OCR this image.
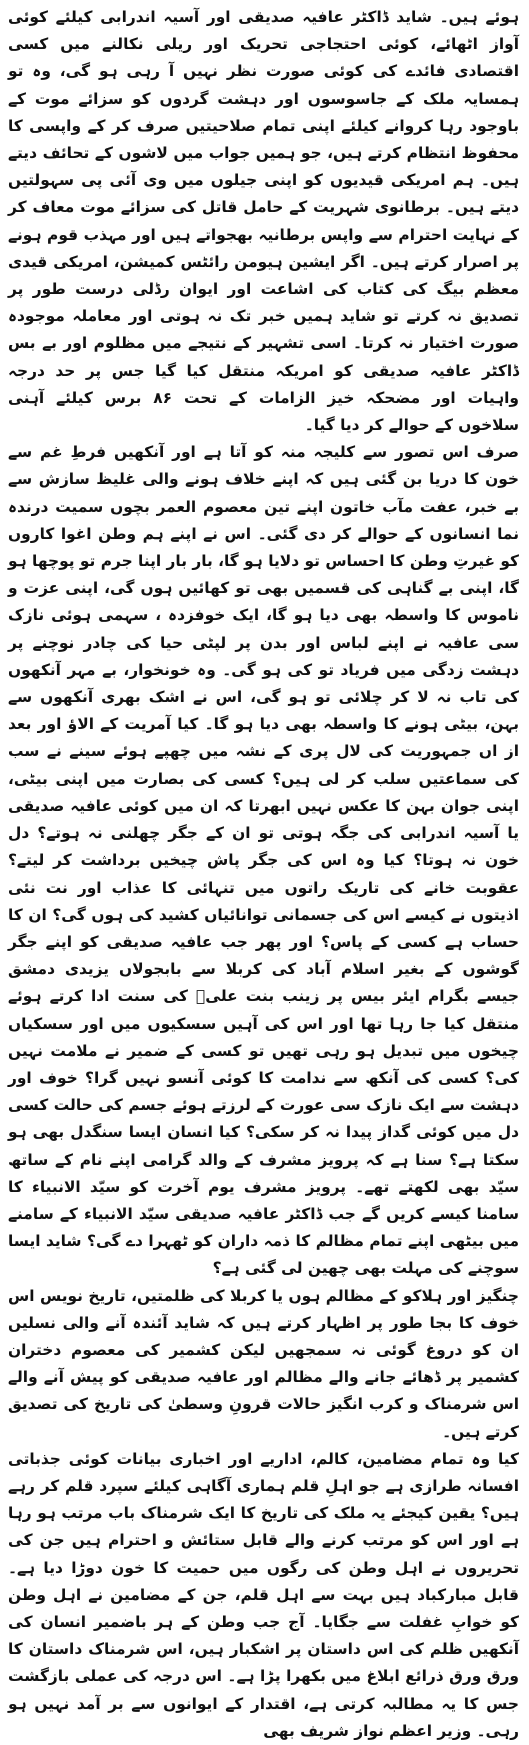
ہوئے ہیں۔ شاید ڈاکٹر عافیہ صدیقی اور آسیہ اندرابی کیلئے کوئی آواز اٹھائے، کوئی احتجاجی تحریک اور ریلی نکالنے میں کسی اقتصادی فائدے کی کوئی صورت نظر نہیں آ رہی ہو گی، وہ تو ہمسایہ ملک کے جاسوسوں اور دہشت گردوں کو سزائے موت کے باوجود رہا کروانے کیلئے اپنی تمام صلاحیتیں صرف کر کے واپسی کا محفوظ انتظام کرتے ہیں، جو ہمیں جواب میں لاشوں کے تحائف دیتے ہیں۔ ہم امریکی قیدیوں کو اپنی جیلوں میں وی آئی پی سہولتیں دیتے ہیں۔ برطانوی شہریت کے حامل قاتل کی سزائے موت معاف کر کے نہایت احترام سے واپس برطانیہ بھجواتے ہیں اور مہذب قوم ہونے پر اصرار کرتے ہیں۔ اگر ایشین ہیومن رائٹس کمیشن، امریکی قیدی معظم بیگ کی کتاب کی اشاعت اور ایوان رڈلی درست طور پر تصدیق نہ کرتے تو شاید ہمیں خبر تک نہ ہوتی اور معاملہ موجودہ صورت اختیار نہ کرتا۔ اسی تشہیر کے نتیجے میں مظلوم اور بے بس ڈاکٹر عافیہ صدیقی کو امریکہ منتقل کیا گیا جس پر حد درجہ واہیات اور مضحکہ خیز الزامات کے تحت ۸۶ برس کیلئے آہنی سلاخوں کے حوالے کر دیا گیا۔

صرف اس تصور سے کلیجہ منہ کو آتا ہے اور آنکھیں فرطِ غم سے خون کا دریا بن گئی ہیں کہ اپنے خلاف ہونے والی غلیظ سازش سے بے خبر، عفت مآب خاتون اپنے تین معصوم العمر بچوں سمیت درندہ نما انسانوں کے حوالے کر دی گئی۔ اس نے اپنے ہم وطن اغوا کاروں کو غیرتِ وطن کا احساس تو دلایا ہو گا، بار بار اپنا جرم تو پوچھا ہو گا، اپنی بے گناہی کی قسمیں بھی تو کھائیں ہوں گی، اپنی عزت و ناموس کا واسطہ بھی دیا ہو گا، ایک خوفزدہ ، سہمی ہوئی نازک سی عافیہ نے اپنے لباس اور بدن پر لپٹی حیا کی چادر نوچنے پر دہشت زدگی میں فریاد تو کی ہو گی۔ وہ خونخوار، بے مہر آنکھوں کی تاب نہ لا کر چلائی تو ہو گی، اس نے اشک بھری آنکھوں سے بہن، بیٹی ہونے کا واسطہ بھی دیا ہو گا۔ کیا آمریت کے الاؤ اور بعد از اں جمہوریت کی لال پری کے نشہ میں چھپے ہوئے سینے نے سب کی سماعتیں سلب کر لی ہیں؟ کسی کی بصارت میں اپنی بیٹی، اپنی جوان بہن کا عکس نہیں ابھرتا کہ ان میں کوئی عافیہ صدیقی یا آسیہ اندرابی کی جگہ ہوتی تو ان کے جگر چھلنی نہ ہوتے؟ دل خون نہ ہوتا؟ کیا وہ اس کی جگر پاش چیخیں برداشت کر لیتے؟ عقوبت خانے کی تاریک راتوں میں تنہائی کا عذاب اور نت نئی اذیتوں نے کیسے اس کی جسمانی توانائیاں کشید کی ہوں گی؟ ان کا حساب ہے کسی کے پاس؟ اور پھر جب عافیہ صدیقی کو اپنے جگر گوشوں کے بغیر اسلام آباد کی کربلا سے بابجولاں یزیدی دمشق جیسے بگرام ایئر بیس پر زینب بنت علیؓ کی سنت ادا کرتے ہوئے منتقل کیا جا رہا تھا اور اس کی آہیں سسکیوں میں اور سسکیاں چیخوں میں تبدیل ہو رہی تھیں تو کسی کے ضمیر نے ملامت نہیں کی؟ کسی کی آنکھ سے ندامت کا کوئی آنسو نہیں گرا؟ خوف اور دہشت سے ایک نازک سی عورت کے لرزتے ہوئے جسم کی حالت کسی دل میں کوئی گداز پیدا نہ کر سکی؟ کیا انسان ایسا سنگدل بھی ہو سکتا ہے؟ سنا ہے کہ پرویز مشرف کے والد گرامی اپنے نام کے ساتھ سیّد بھی لکھتے تھے۔ پرویز مشرف یوم آخرت کو سیّد الانبیاء کا سامنا کیسے کریں گے جب ڈاکٹر عافیہ صدیقی سیّد الانبیاء کے سامنے میں بیٹھی اپنے تمام مظالم کا ذمہ داران کو ٹھہرا دے گی؟ شاید ایسا سوچنے کی مہلت بھی چھین لی گئی ہے؟

چنگیز اور ہلاکو کے مظالم ہوں یا کربلا کی ظلمتیں، تاریخ نویس اس خوف کا بجا طور پر اظہار کرتے ہیں کہ شاید آئندہ آنے والی نسلیں ان کو دروغ گوئی نہ سمجھیں لیکن کشمیر کی معصوم دختران کشمیر پر ڈھائے جانے والے مظالم اور عافیہ صدیقی کو پیش آنے والے اس شرمناک و کرب انگیز حالات قرونِ وسطیٰ کی تاریخ کی تصدیق کرتے ہیں۔

کیا وہ تمام مضامین، کالم، اداریے اور اخباری بیانات کوئی جذباتی افسانہ طرازی ہے جو اہلِ قلم ہماری آگاہی کیلئے سپرد قلم کر رہے ہیں؟ یقین کیجئے یہ ملک کی تاریخ کا ایک شرمناک باب مرتب ہو رہا ہے اور اس کو مرتب کرنے والے قابل ستائش و احترام ہیں جن کی تحریروں نے اہل وطن کی رگوں میں حمیت کا خون دوڑا دیا ہے۔ قابل مبارکباد ہیں بہت سے اہل قلم، جن کے مضامین نے اہل وطن کو خوابِ غفلت سے جگایا۔ آج جب وطن کے ہر باضمیر انسان کی آنکھیں ظلم کی اس داستان پر اشکبار ہیں، اس شرمناک داستان کا ورق ورق ذرائع ابلاغ میں بکھرا پڑا ہے۔ اس درجہ کی عملی بازگشت جس کا یہ مطالبہ کرتی ہے، اقتدار کے ایوانوں سے بر آمد نہیں ہو رہی۔ وزیر اعظم نواز شریف بھی
